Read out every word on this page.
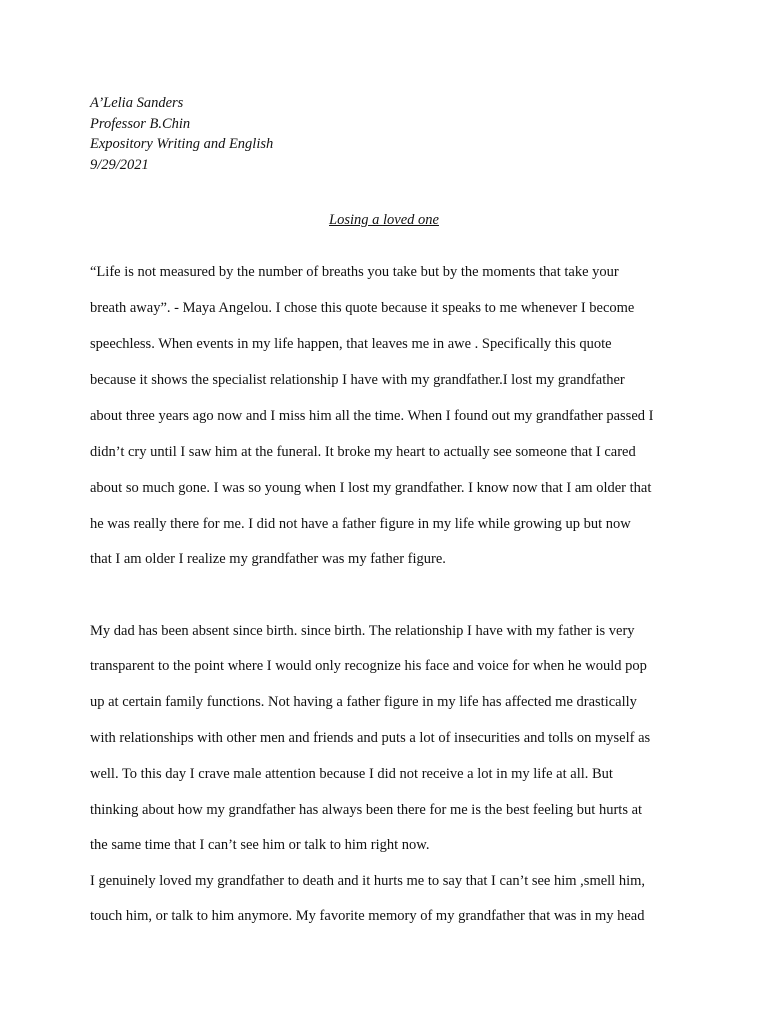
A’Lelia Sanders
Professor B.Chin
Expository Writing and English
9/29/2021
Losing a loved one
“Life is not measured by the number of breaths you take but by the moments that take your
breath away”. - Maya Angelou. I chose this quote because it speaks to me whenever I become
speechless. When events in my life happen, that leaves me in awe . Specifically this quote
because it shows the specialist relationship I have with my grandfather.I lost my grandfather
about three years ago now and I miss him all the time. When I found out my grandfather passed I
didn’t cry until I saw him at the funeral. It broke my heart to actually see someone that I cared
about so much gone. I was so young when I lost my grandfather. I know now that I am older that
he was really there for me. I did not have a father figure in my life while growing up but now
that I am older I realize my grandfather was my father figure.
My dad has been absent since birth. since birth. The relationship I have with my father is very
transparent to the point where I would only recognize his face and voice for when he would pop
up at certain family functions. Not having a father figure in my life has affected me drastically
with relationships with other men and friends and puts a lot of insecurities and tolls on myself as
well. To this day I crave male attention because I did not receive a lot in my life at all. But
thinking about how my grandfather has always been there for me is the best feeling but hurts at
the same time that I can’t see him or talk to him right now.
I genuinely loved my grandfather to death and it hurts me to say that I can’t see him ,smell him,
touch him, or talk to him anymore. My favorite memory of my grandfather that was in my head
